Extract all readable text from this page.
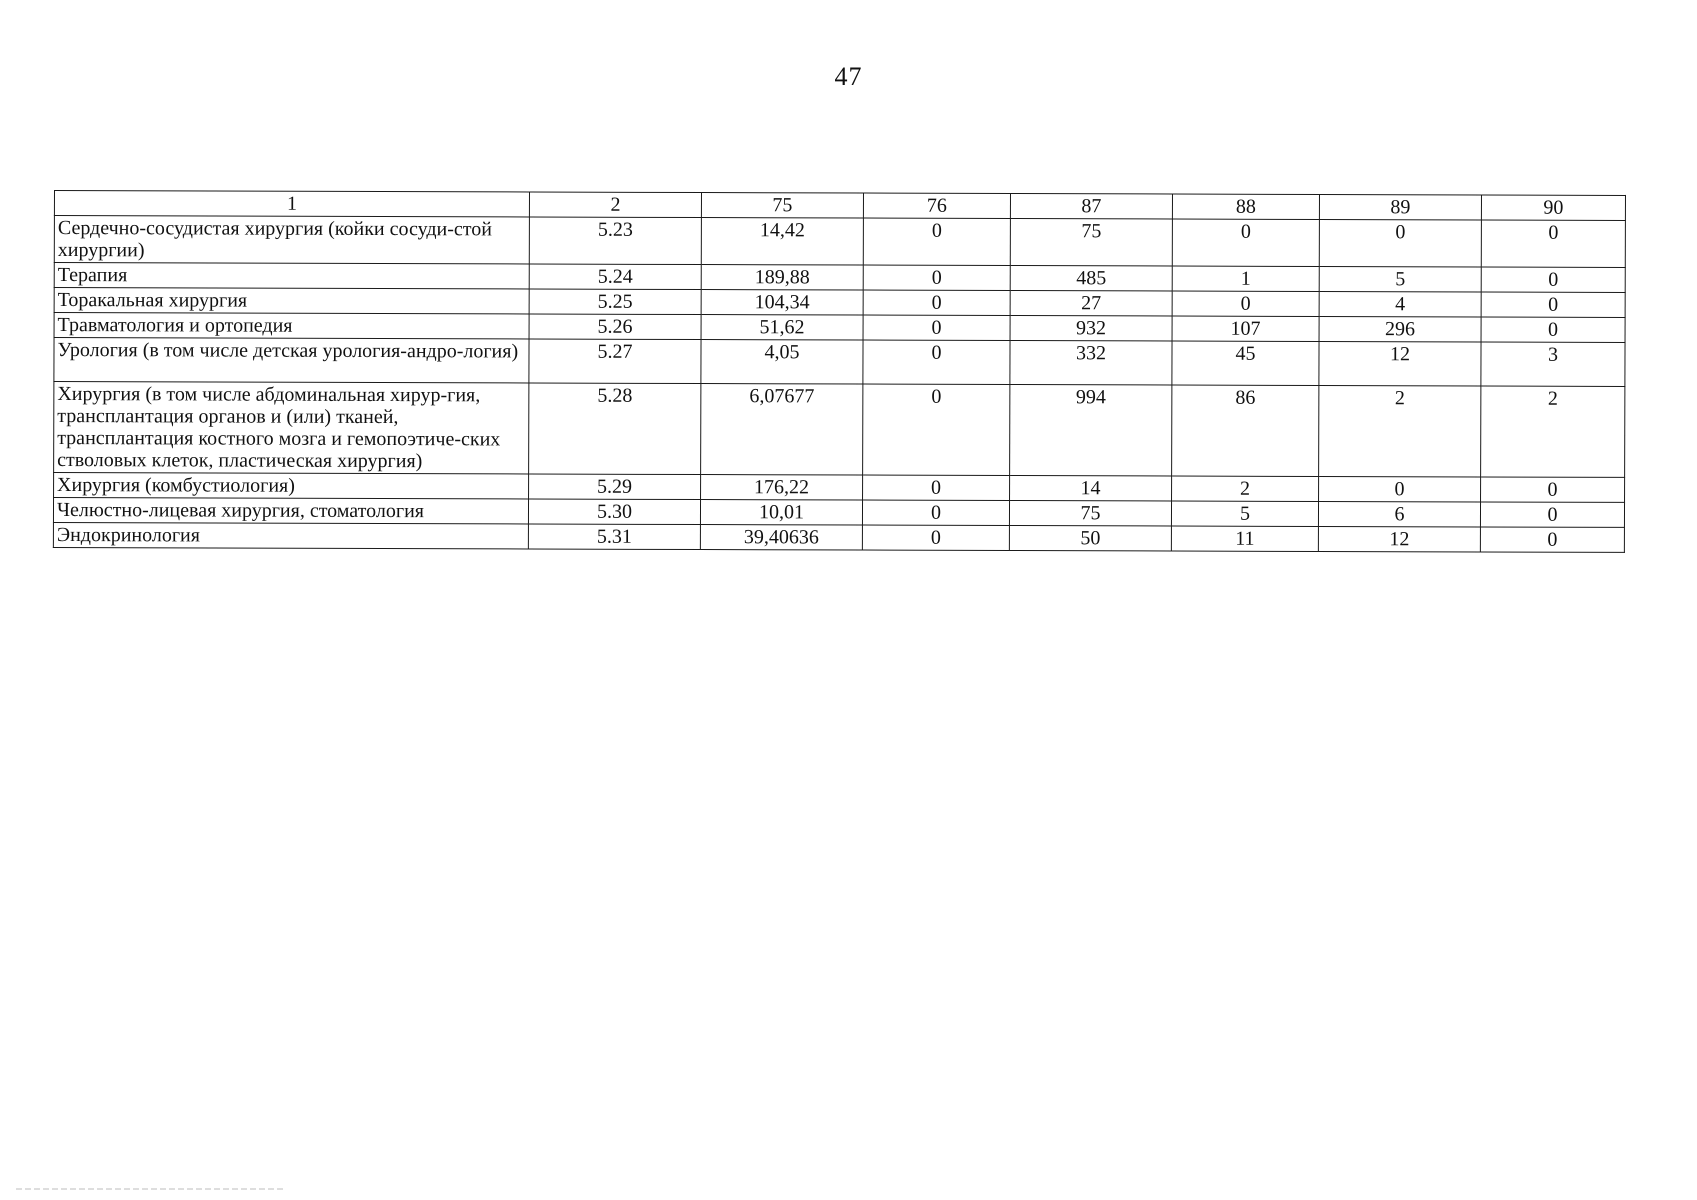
47
1	2	75	76	87	88	89	90
Сердечно-сосудистая хирургия (койки сосуди-стой хирургии)	5.23	14,42	0	75	0	0	0
Терапия	5.24	189,88	0	485	1	5	0
Торакальная хирургия	5.25	104,34	0	27	0	4	0
Травматология и ортопедия	5.26	51,62	0	932	107	296	0
Урология (в том числе детская урология-андро-логия)	5.27	4,05	0	332	45	12	3
Хирургия (в том числе абдоминальная хирур-гия, трансплантация органов и (или) тканей, трансплантация костного мозга и гемопоэтиче-ских стволовых клеток, пластическая хирургия)	5.28	6,07677	0	994	86	2	2
Хирургия (комбустиология)	5.29	176,22	0	14	2	0	0
Челюстно-лицевая хирургия, стоматология	5.30	10,01	0	75	5	6	0
Эндокринология	5.31	39,40636	0	50	11	12	0
